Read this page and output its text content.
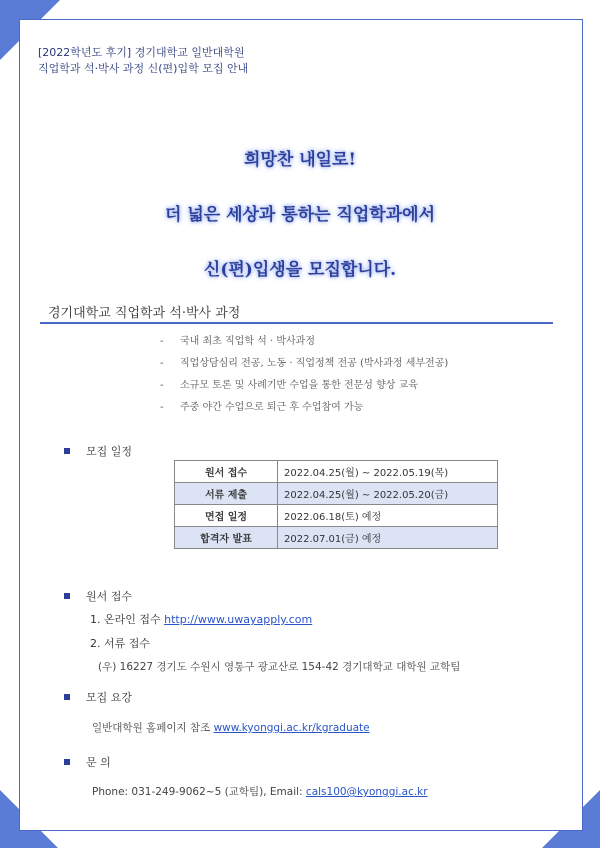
[2022학년도 후기] 경기대학교 일반대학원
직업학과 석·박사 과정 신(편)입학 모집 안내
희망찬 내일로!
더 넓은 세상과 통하는 직업학과에서
신(편)입생을 모집합니다.
경기대학교 직업학과 석·박사 과정
- 국내 최초 직업학 석 · 박사과정
- 직업상담심리 전공, 노동 · 직업정책 전공 (박사과정 세부전공)
- 소규모 토론 및 사례기반 수업을 통한 전문성 향상 교육
- 주중 야간 수업으로 퇴근 후 수업참여 가능
모집 일정
원서 접수	2022.04.25(월) ~ 2022.05.19(목)
서류 제출	2022.04.25(월) ~ 2022.05.20(금)
면접 일정	2022.06.18(토) 예정
합격자 발표	2022.07.01(금) 예정
원서 접수
1. 온라인 접수 http://www.uwayapply.com
2. 서류 접수
(우) 16227 경기도 수원시 영통구 광교산로 154-42 경기대학교 대학원 교학팀
모집 요강
일반대학원 홈페이지 참조 www.kyonggi.ac.kr/kgraduate
문 의
Phone: 031-249-9062~5 (교학팀), Email: cals100@kyonggi.ac.kr
